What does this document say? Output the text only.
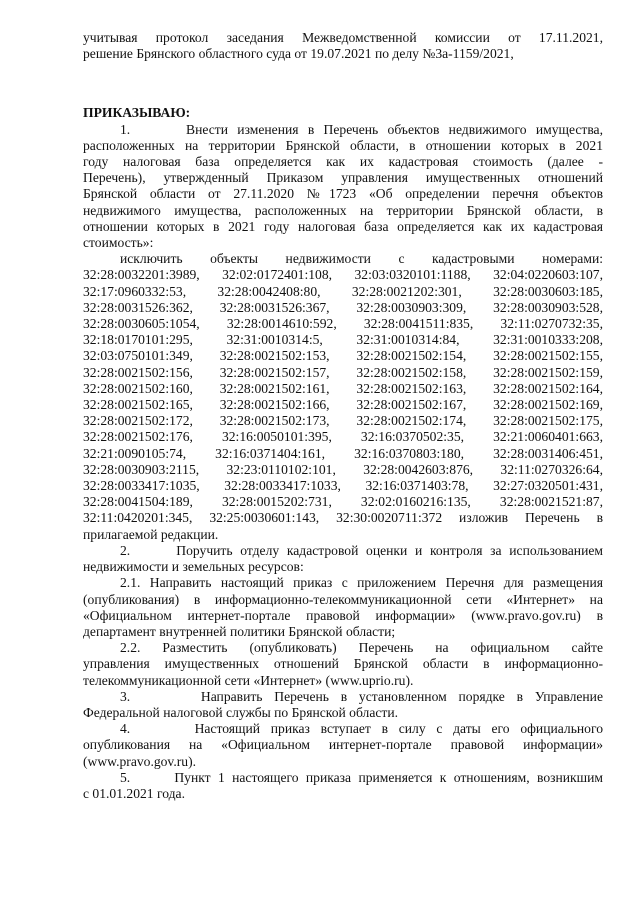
учитывая протокол заседания Межведомственной комиссии от 17.11.2021,
решение Брянского областного суда от 19.07.2021 по делу №3а-1159/2021,

ПРИКАЗЫВАЮ:

1.      Внести изменения в Перечень объектов недвижимого имущества,
расположенных на территории Брянской области, в отношении которых в 2021
году налоговая база определяется как их кадастровая стоимость (далее -
Перечень), утвержденный Приказом управления имущественных отношений
Брянской области от 27.11.2020 №1723 «Об определении перечня объектов
недвижимого имущества, расположенных на территории Брянской области, в
отношении которых в 2021 году налоговая база определяется как их кадастровая
стоимость»:
исключить объекты недвижимости с кадастровыми номерами:
32:28:0032201:3989, 32:02:0172401:108, 32:03:0320101:1188, 32:04:0220603:107,
32:17:0960332:53, 32:28:0042408:80, 32:28:0021202:301, 32:28:0030603:185,
32:28:0031526:362, 32:28:0031526:367, 32:28:0030903:309, 32:28:0030903:528,
32:28:0030605:1054, 32:28:0014610:592, 32:28:0041511:835, 32:11:0270732:35,
32:18:0170101:295, 32:31:0010314:5, 32:31:0010314:84, 32:31:0010333:208,
32:03:0750101:349, 32:28:0021502:153, 32:28:0021502:154, 32:28:0021502:155,
32:28:0021502:156, 32:28:0021502:157, 32:28:0021502:158, 32:28:0021502:159,
32:28:0021502:160, 32:28:0021502:161, 32:28:0021502:163, 32:28:0021502:164,
32:28:0021502:165, 32:28:0021502:166, 32:28:0021502:167, 32:28:0021502:169,
32:28:0021502:172, 32:28:0021502:173, 32:28:0021502:174, 32:28:0021502:175,
32:28:0021502:176, 32:16:0050101:395, 32:16:0370502:35, 32:21:0060401:663,
32:21:0090105:74, 32:16:0371404:161, 32:16:0370803:180, 32:28:0031406:451,
32:28:0030903:2115, 32:23:0110102:101, 32:28:0042603:876, 32:11:0270326:64,
32:28:0033417:1035, 32:28:0033417:1033, 32:16:0371403:78, 32:27:0320501:431,
32:28:0041504:189, 32:28:0015202:731, 32:02:0160216:135, 32:28:0021521:87,
32:11:0420201:345, 32:25:0030601:143, 32:30:0020711:372 изложив Перечень в
прилагаемой редакции.
2.      Поручить отделу кадастровой оценки и контроля за использованием
недвижимости и земельных ресурсов:
2.1. Направить настоящий приказ с приложением Перечня для размещения
(опубликования) в информационно-телекоммуникационной сети «Интернет» на
«Официальном интернет-портале правовой информации» (www.pravo.gov.ru) в
департамент внутренней политики Брянской области;
2.2. Разместить (опубликовать) Перечень на официальном сайте
управления имущественных отношений Брянской области в информационно-
телекоммуникационной сети «Интернет» (www.uprio.ru).
3.      Направить Перечень в установленном порядке в Управление
Федеральной налоговой службы по Брянской области.
4.      Настоящий приказ вступает в силу с даты его официального
опубликования на «Официальном интернет-портале правовой информации»
(www.pravo.gov.ru).
5.      Пункт 1 настоящего приказа применяется к отношениям, возникшим
с 01.01.2021 года.
